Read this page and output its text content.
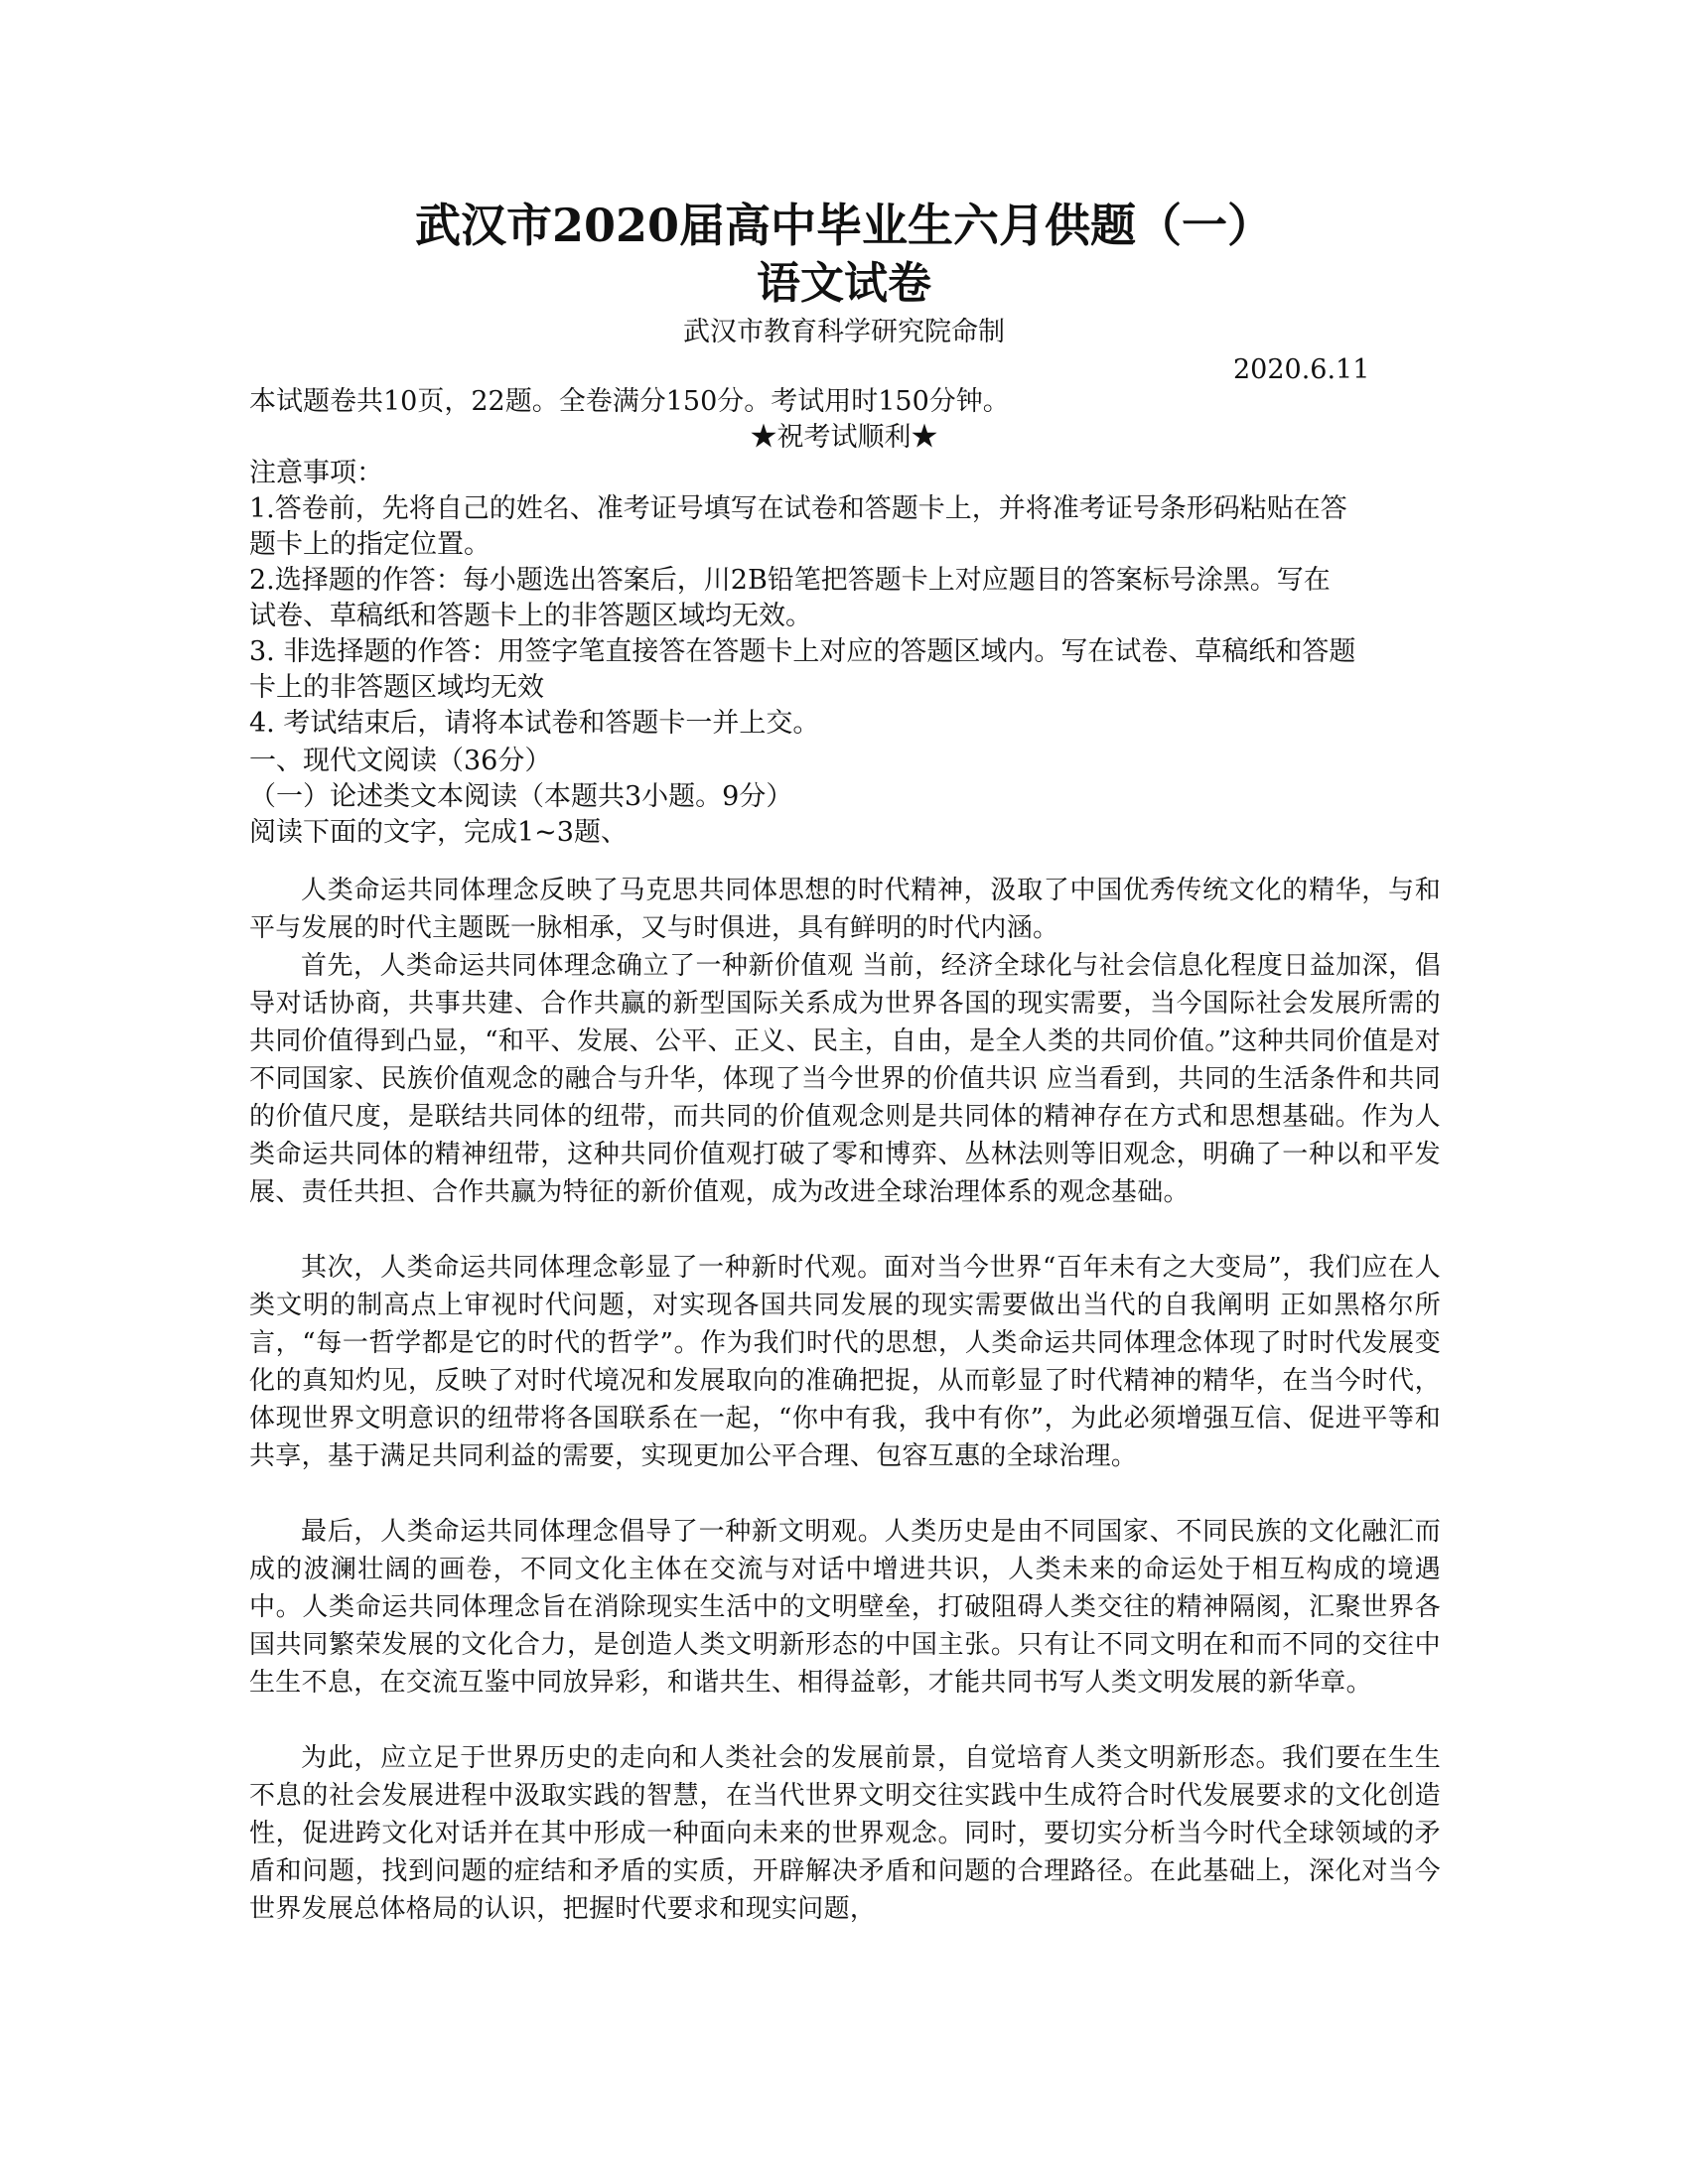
武汉市2020届高中毕业生六月供题（一）
语文试卷
武汉市教育科学研究院命制
2020.6.11
本试题卷共10页，22题。全卷满分150分。考试用时150分钟。
★祝考试顺利★
注意事项：
1.答卷前，先将自己的姓名、准考证号填写在试卷和答题卡上，并将准考证号条形码粘贴在答
题卡上的指定位置。
2.选择题的作答：每小题选出答案后，川2B铅笔把答题卡上对应题目的答案标号涂黑。写在
试卷、草稿纸和答题卡上的非答题区域均无效。
3. 非选择题的作答：用签字笔直接答在答题卡上对应的答题区域内。写在试卷、草稿纸和答题
卡上的非答题区域均无效
4. 考试结束后，请将本试卷和答题卡一并上交。
一、现代文阅读（36分）
（一）论述类文本阅读（本题共3小题。9分）
阅读下面的文字，完成1~3题、

人类命运共同体理念反映了马克思共同体思想的时代精神，汲取了中国优秀传统文化的精华，与和平与发展的时代主题既一脉相承，又与时俱进，具有鲜明的时代内涵。

首先，人类命运共同体理念确立了一种新价值观 当前，经济全球化与社会信息化程度日益加深，倡导对话协商，共事共建、合作共赢的新型国际关系成为世界各国的现实需要，当今国际社会发展所需的共同价值得到凸显，“和平、发展、公平、正义、民主，自由，是全人类的共同价值。”这种共同价值是对不同国家、民族价值观念的融合与升华，体现了当今世界的价值共识 应当看到，共同的生活条件和共同的价值尺度，是联结共同体的纽带，而共同的价值观念则是共同体的精神存在方式和思想基础。作为人类命运共同体的精神纽带，这种共同价值观打破了零和博弈、丛林法则等旧观念，明确了一种以和平发展、责任共担、合作共赢为特征的新价值观，成为改进全球治理体系的观念基础。

其次，人类命运共同体理念彰显了一种新时代观。面对当今世界“百年未有之大变局”，我们应在人类文明的制高点上审视时代问题，对实现各国共同发展的现实需要做出当代的自我阐明 正如黑格尔所言，“每一哲学都是它的时代的哲学”。作为我们时代的思想，人类命运共同体理念体现了时时代发展变化的真知灼见，反映了对时代境况和发展取向的准确把捉，从而彰显了时代精神的精华，在当今时代，体现世界文明意识的纽带将各国联系在一起，“你中有我，我中有你”，为此必须增强互信、促进平等和共享，基于满足共同利益的需要，实现更加公平合理、包容互惠的全球治理。

最后，人类命运共同体理念倡导了一种新文明观。人类历史是由不同国家、不同民族的文化融汇而成的波澜壮阔的画卷，不同文化主体在交流与对话中增进共识，人类未来的命运处于相互构成的境遇中。人类命运共同体理念旨在消除现实生活中的文明壁垒，打破阻碍人类交往的精神隔阂，汇聚世界各国共同繁荣发展的文化合力，是创造人类文明新形态的中国主张。只有让不同文明在和而不同的交往中生生不息，在交流互鉴中同放异彩，和谐共生、相得益彰，才能共同书写人类文明发展的新华章。

为此，应立足于世界历史的走向和人类社会的发展前景，自觉培育人类文明新形态。我们要在生生不息的社会发展进程中汲取实践的智慧，在当代世界文明交往实践中生成符合时代发展要求的文化创造性，促进跨文化对话并在其中形成一种面向未来的世界观念。同时，要切实分析当今时代全球领域的矛盾和问题，找到问题的症结和矛盾的实质，开辟解决矛盾和问题的合理路径。在此基础上，深化对当今世界发展总体格局的认识，把握时代要求和现实问题，
